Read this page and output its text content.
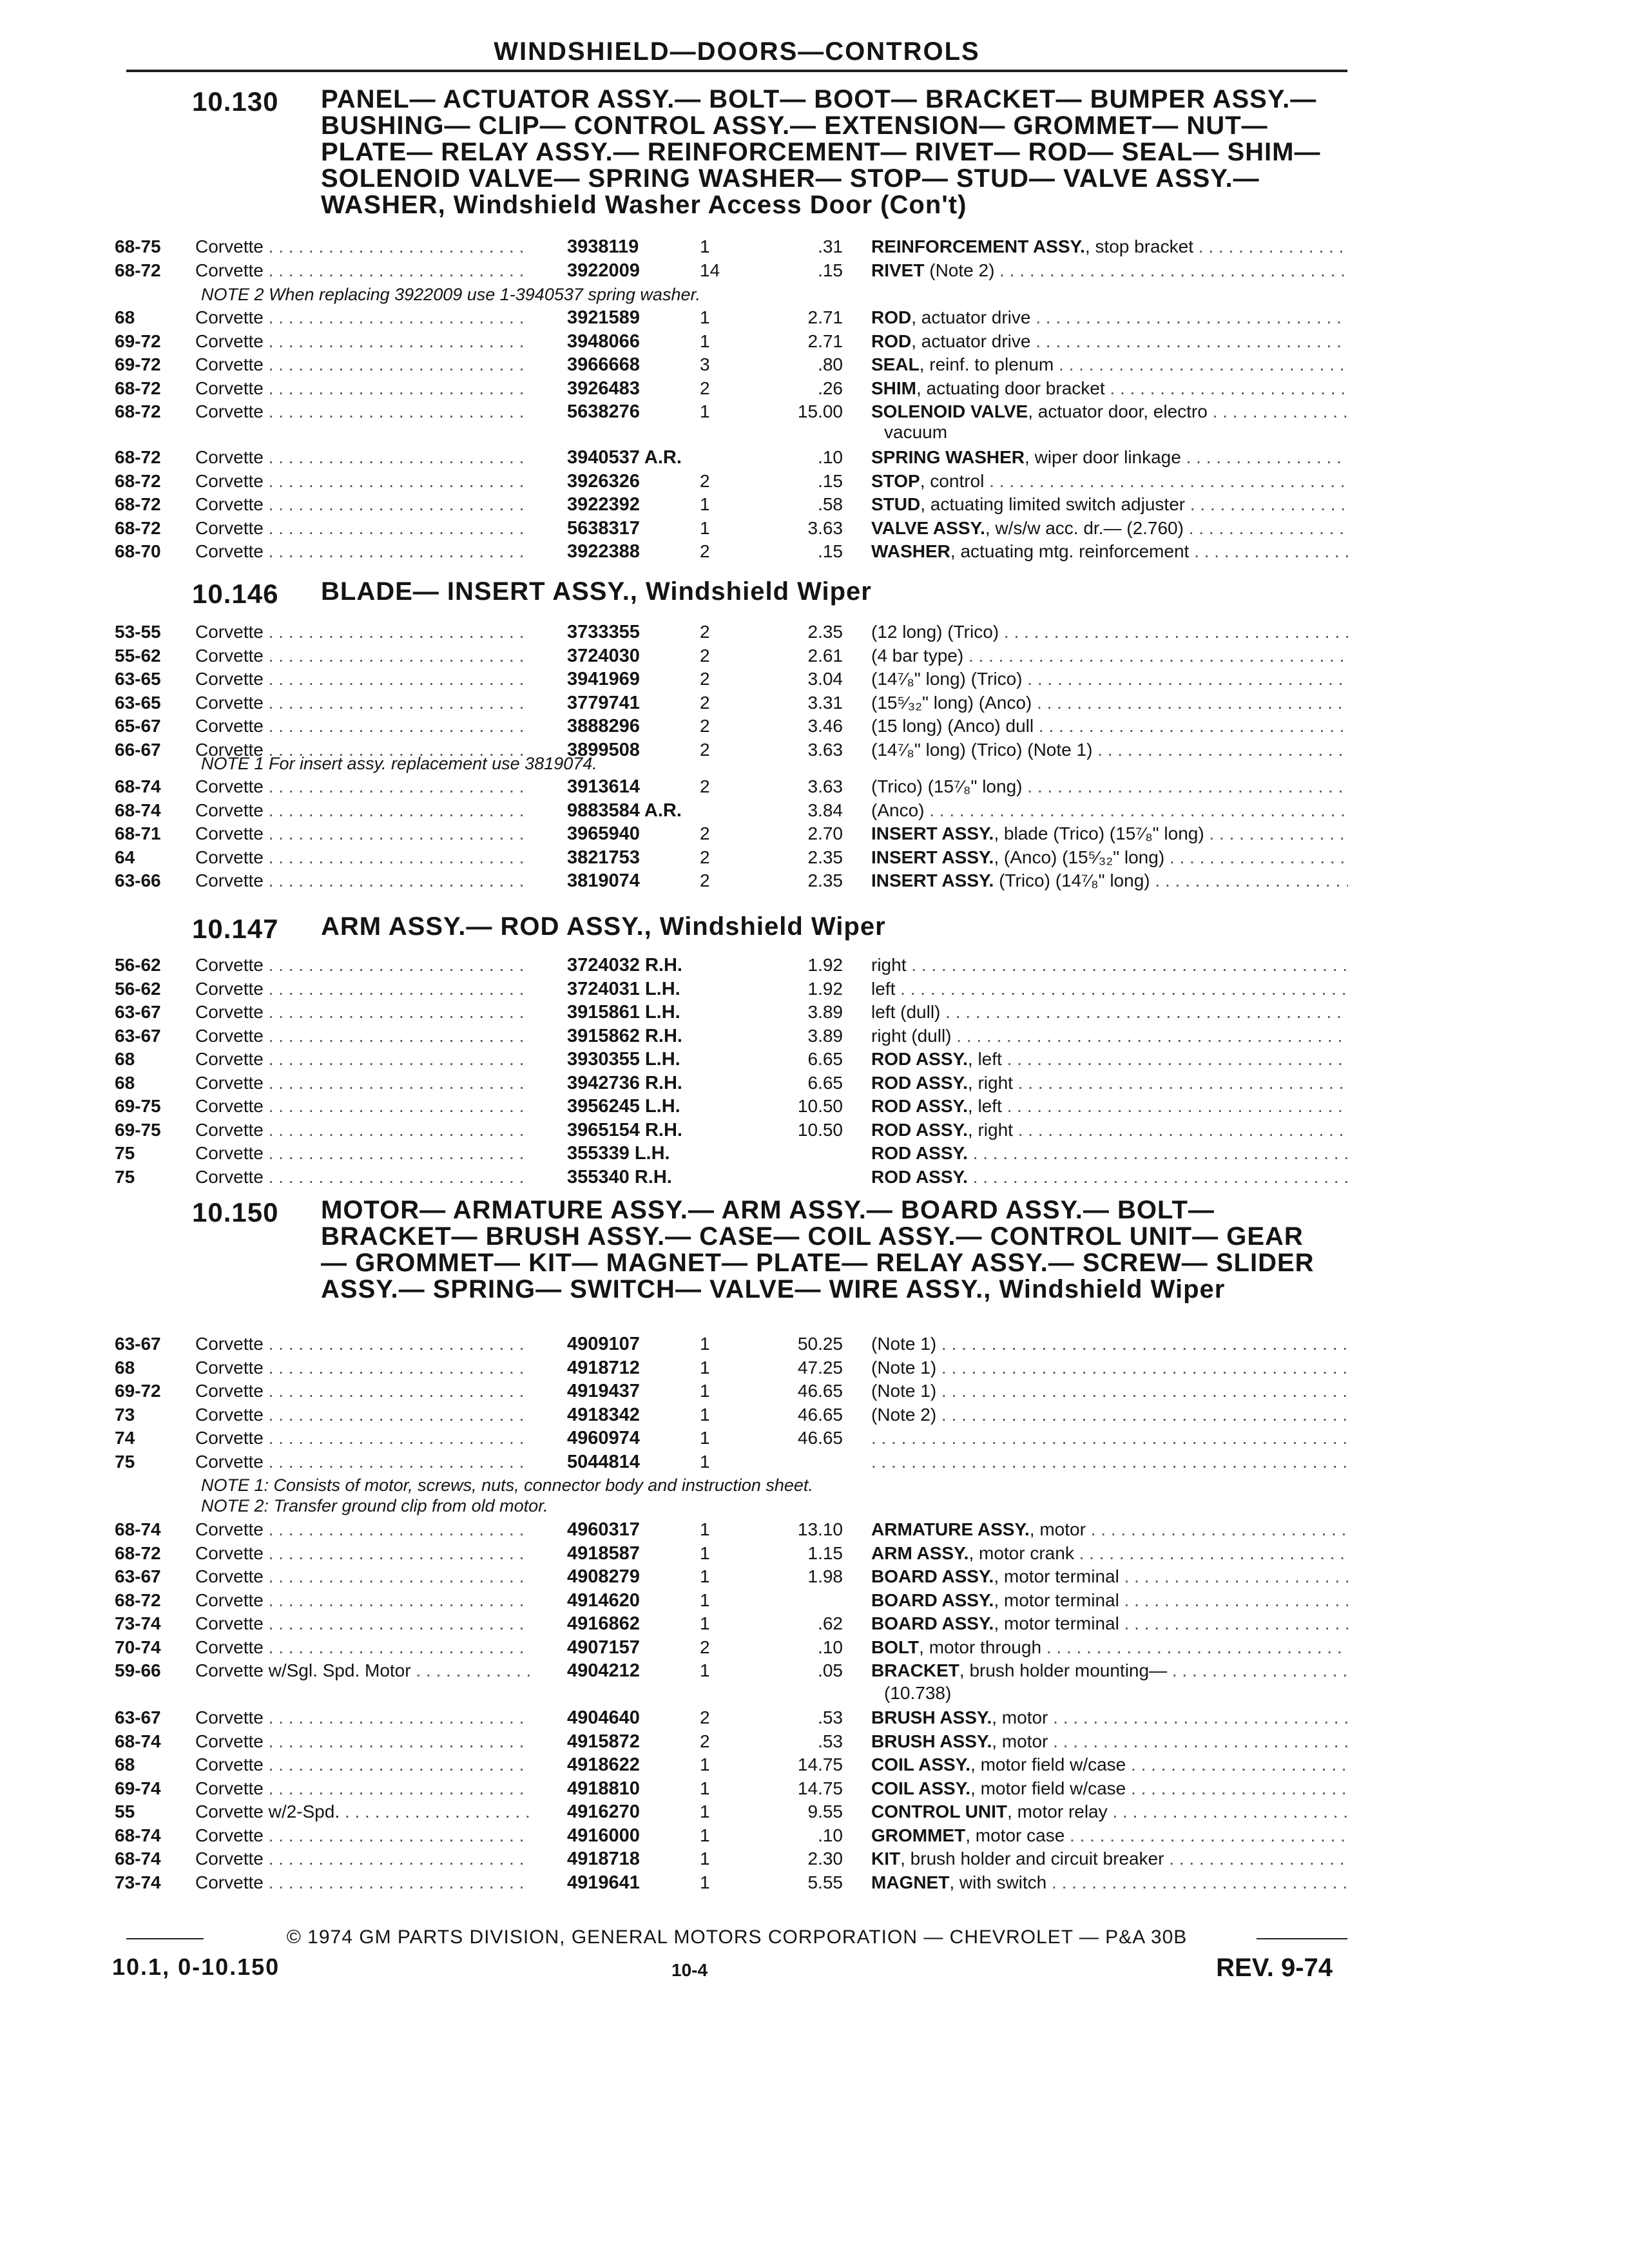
WINDSHIELD—DOORS—CONTROLS
10.130 PANEL— ACTUATOR ASSY.— BOLT— BOOT— BRACKET— BUMPER ASSY.— BUSHING— CLIP— CONTROL ASSY.— EXTENSION— GROMMET— NUT— PLATE— RELAY ASSY.— REINFORCEMENT— RIVET— ROD— SEAL— SHIM— SOLENOID VALVE— SPRING WASHER— STOP— STUD— VALVE ASSY.— WASHER, Windshield Washer Access Door (Con't)
68-75 Corvette . . .	3938119	1	.31 REINFORCEMENT ASSY., stop bracket . . .
68-72 Corvette . . .	3922009	14	.15 RIVET (Note 2) . . .
NOTE 2 When replacing 3922009 use 1-3940537 spring washer.
68	Corvette . . .	3921589	1	2.71 ROD, actuator drive . . .
69-72 Corvette . . .	3948066	1	2.71 ROD, actuator drive . . .
69-72 Corvette . . .	3966668	3	.80 SEAL, reinf. to plenum . . .
68-72 Corvette . . .	3926483	2	.26 SHIM, actuating door bracket . . .
68-72 Corvette . . .	5638276	1	15.00 SOLENOID VALVE, actuator door, electro . . .
vacuum
68-72 Corvette . . .	3940537 A.R.	.10 SPRING WASHER, wiper door linkage . . .
68-72 Corvette . . .	3926326	2	.15 STOP, control . . .
68-72 Corvette . . .	3922392	1	.58 STUD, actuating limited switch adjuster . . .
68-72 Corvette . . .	5638317	1	3.63 VALVE ASSY., w/s/w acc. dr.— (2.760) . . .
68-70 Corvette . . .	3922388	2	.15 WASHER, actuating mtg. reinforcement . . .
10.146 BLADE— INSERT ASSY., Windshield Wiper
53-55 Corvette . . .	3733355	2	2.35 (12 long) (Trico) . . .
55-62 Corvette . . .	3724030	2	2.61 (4 bar type) . . .
63-65 Corvette . . .	3941969	2	3.04 (14⁷⁄₈" long) (Trico) . . .
63-65 Corvette . . .	3779741	2	3.31 (15⁵⁄₃₂" long) (Anco) . . .
65-67 Corvette . . .	3888296	2	3.46 (15 long) (Anco) dull . . .
66-67 Corvette . . .	3899508	2	3.63 (14⁷⁄₈" long) (Trico) (Note 1) . . .
NOTE 1 For insert assy. replacement use 3819074.
68-74 Corvette . . .	3913614	2	3.63 (Trico) (15⁷⁄₈" long) . . .
68-74 Corvette . . .	9883584 A.R.	3.84 (Anco) . . .
68-71 Corvette . . .	3965940	2	2.70 INSERT ASSY., blade (Trico) (15⁷⁄₈" long) . . .
64	Corvette . . .	3821753	2	2.35 INSERT ASSY., (Anco) (15⁵⁄₃₂" long) . . .
63-66 Corvette . . .	3819074	2	2.35 INSERT ASSY. (Trico) (14⁷⁄₈" long) . . .
10.147 ARM ASSY.— ROD ASSY., Windshield Wiper
56-62 Corvette . . .	3724032 R.H.	1.92 right . . .
56-62 Corvette . . .	3724031 L.H.	1.92 left . . .
63-67 Corvette . . .	3915861 L.H.	3.89 left (dull) . . .
63-67 Corvette . . .	3915862 R.H.	3.89 right (dull) . . .
68	Corvette . . .	3930355 L.H.	6.65 ROD ASSY., left . . .
68	Corvette . . .	3942736 R.H.	6.65 ROD ASSY., right . . .
69-75 Corvette . . .	3956245 L.H.	10.50 ROD ASSY., left . . .
69-75 Corvette . . .	3965154 R.H.	10.50 ROD ASSY., right . . .
75	Corvette . . .	355339 L.H.	ROD ASSY. . . .
75	Corvette . . .	355340 R.H.	ROD ASSY. . . .
10.150 MOTOR— ARMATURE ASSY.— ARM ASSY.— BOARD ASSY.— BOLT— BRACKET— BRUSH ASSY.— CASE— COIL ASSY.— CONTROL UNIT— GEAR— GROMMET— KIT— MAGNET— PLATE— RELAY ASSY.— SCREW— SLIDER ASSY.— SPRING— SWITCH— VALVE— WIRE ASSY., Windshield Wiper
63-67 Corvette . . .	4909107	1	50.25 (Note 1) . . .
68	Corvette . . .	4918712	1	47.25 (Note 1) . . .
69-72 Corvette . . .	4919437	1	46.65 (Note 1) . . .
73	Corvette . . .	4918342	1	46.65 (Note 2) . . .
74	Corvette . . .	4960974	1	46.65
. . .
75	Corvette . . .	5044814	1
. . .
NOTE 1: Consists of motor, screws, nuts, connector body and instruction sheet.
NOTE 2: Transfer ground clip from old motor.
68-74 Corvette . . .	4960317	1	13.10 ARMATURE ASSY., motor . . .
68-72 Corvette . . .	4918587	1	1.15 ARM ASSY., motor crank . . .
63-67 Corvette . . .	4908279	1	1.98 BOARD ASSY., motor terminal . . .
68-72 Corvette . . .	4914620	1	BOARD ASSY., motor terminal . . .
73-74 Corvette . . .	4916862	1	.62 BOARD ASSY., motor terminal . . .
70-74 Corvette . . .	4907157	2	.10 BOLT, motor through . . .
59-66 Corvette w/Sgl. Spd. Motor . . .	4904212	1	.05 BRACKET, brush holder mounting— . . .
(10.738)
63-67 Corvette . . .	4904640	2	.53 BRUSH ASSY., motor . . .
68-74 Corvette . . .	4915872	2	.53 BRUSH ASSY., motor . . .
68	Corvette . . .	4918622	1	14.75 COIL ASSY., motor field w/case . . .
69-74 Corvette . . .	4918810	1	14.75 COIL ASSY., motor field w/case . . .
55	Corvette w/2-Spd. . . .	4916270	1	9.55 CONTROL UNIT, motor relay . . .
68-74 Corvette . . .	4916000	1	.10 GROMMET, motor case . . .
68-74 Corvette . . .	4918718	1	2.30 KIT, brush holder and circuit breaker . . .
73-74 Corvette . . .	4919641	1	5.55 MAGNET, with switch . . .
© 1974 GM PARTS DIVISION, GENERAL MOTORS CORPORATION — CHEVROLET — P&A 30B
10.1, 0-10.150	10-4	REV. 9-74
